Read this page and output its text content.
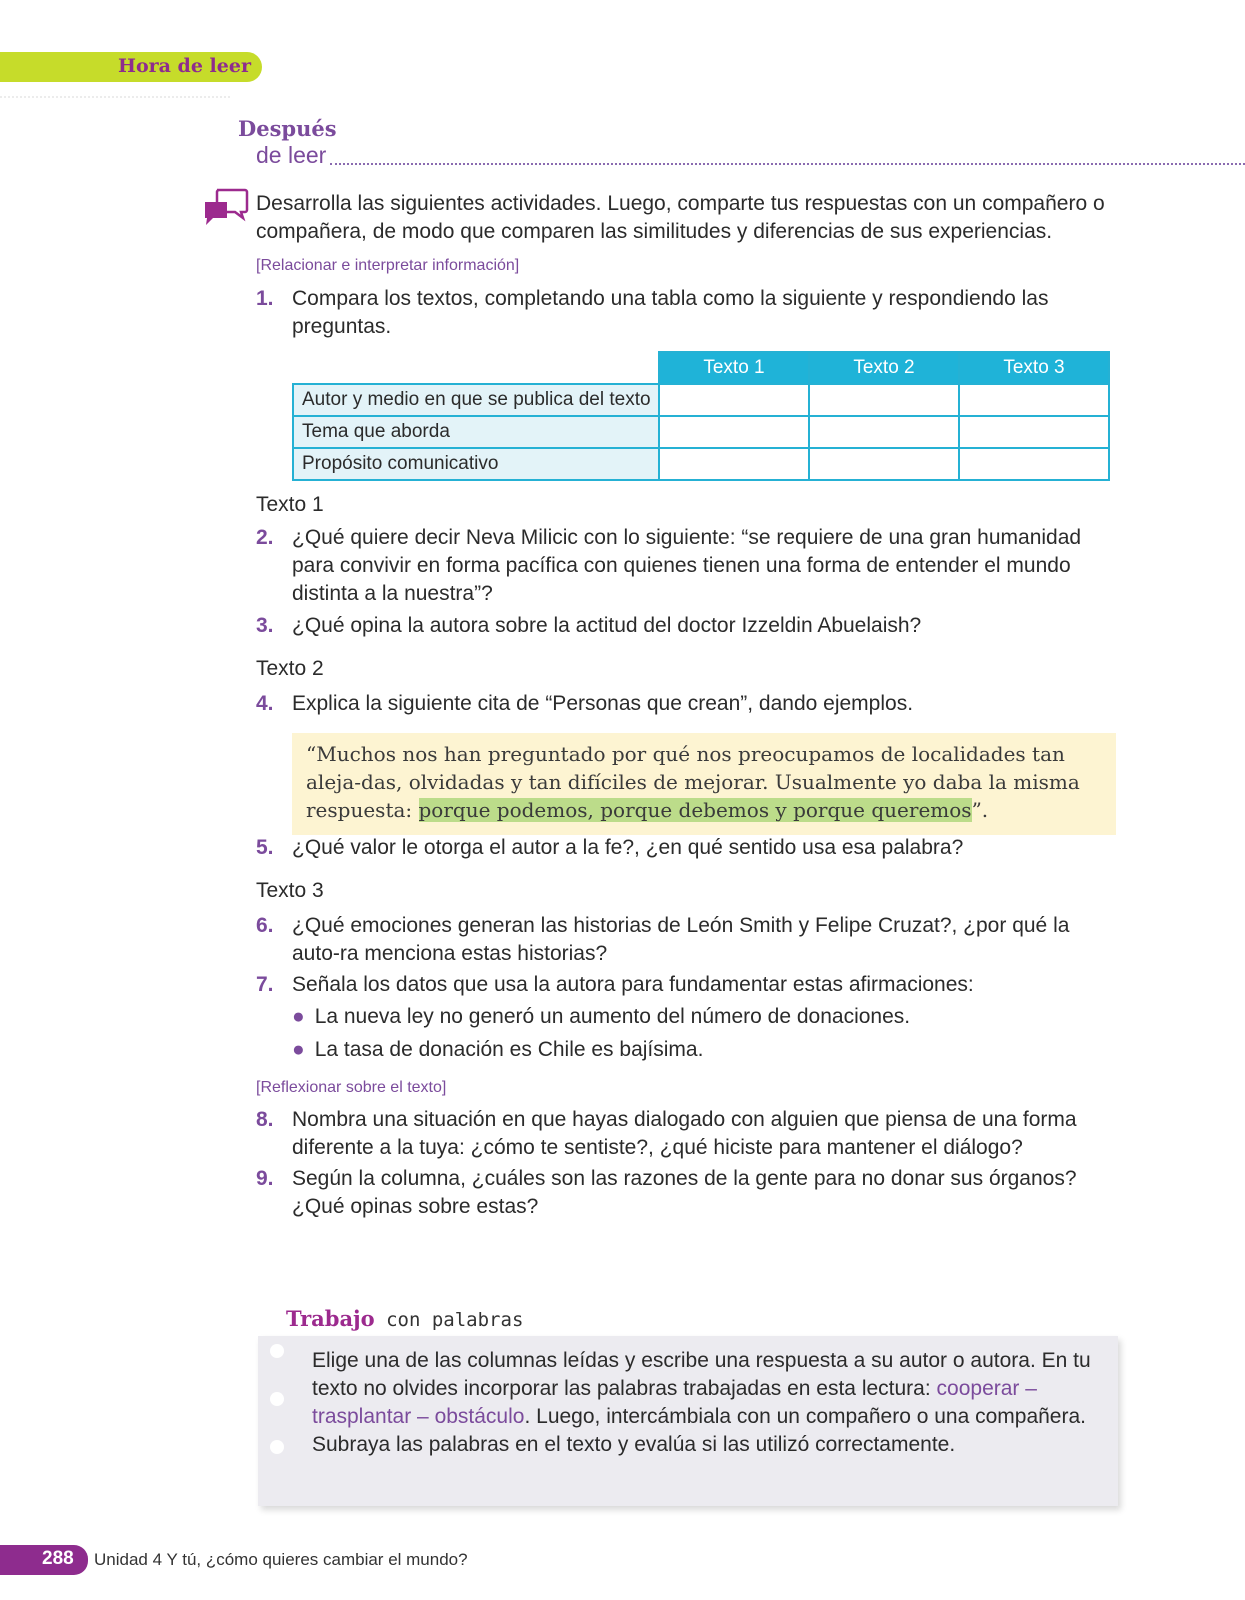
Hora de leer
Después
de leer
Desarrolla las siguientes actividades. Luego, comparte tus respuestas con un compañero o compañera, de modo que comparen las similitudes y diferencias de sus experiencias.
[Relacionar e interpretar información]
1. Compara los textos, completando una tabla como la siguiente y respondiendo las preguntas.
	Texto 1	Texto 2	Texto 3
Autor y medio en que se publica del texto			
Tema que aborda			
Propósito comunicativo			
Texto 1
2. ¿Qué quiere decir Neva Milicic con lo siguiente: “se requiere de una gran humanidad para convivir en forma pacífica con quienes tienen una forma de entender el mundo distinta a la nuestra”?
3. ¿Qué opina la autora sobre la actitud del doctor Izzeldin Abuelaish?
Texto 2
4. Explica la siguiente cita de “Personas que crean”, dando ejemplos.
“Muchos nos han preguntado por qué nos preocupamos de localidades tan aleja-das, olvidadas y tan difíciles de mejorar. Usualmente yo daba la misma respuesta: porque podemos, porque debemos y porque queremos”.
5. ¿Qué valor le otorga el autor a la fe?, ¿en qué sentido usa esa palabra?
Texto 3
6. ¿Qué emociones generan las historias de León Smith y Felipe Cruzat?, ¿por qué la auto-ra menciona estas historias?
7. Señala los datos que usa la autora para fundamentar estas afirmaciones:
● La nueva ley no generó un aumento del número de donaciones.
● La tasa de donación es Chile es bajísima.
[Reflexionar sobre el texto]
8. Nombra una situación en que hayas dialogado con alguien que piensa de una forma diferente a la tuya: ¿cómo te sentiste?, ¿qué hiciste para mantener el diálogo?
9. Según la columna, ¿cuáles son las razones de la gente para no donar sus órganos? ¿Qué opinas sobre estas?
Trabajo con palabras
Elige una de las columnas leídas y escribe una respuesta a su autor o autora. En tu texto no olvides incorporar las palabras trabajadas en esta lectura: cooperar – trasplantar – obstáculo. Luego, intercámbiala con un compañero o una compañera. Subraya las palabras en el texto y evalúa si las utilizó correctamente.
288 Unidad 4 Y tú, ¿cómo quieres cambiar el mundo?
